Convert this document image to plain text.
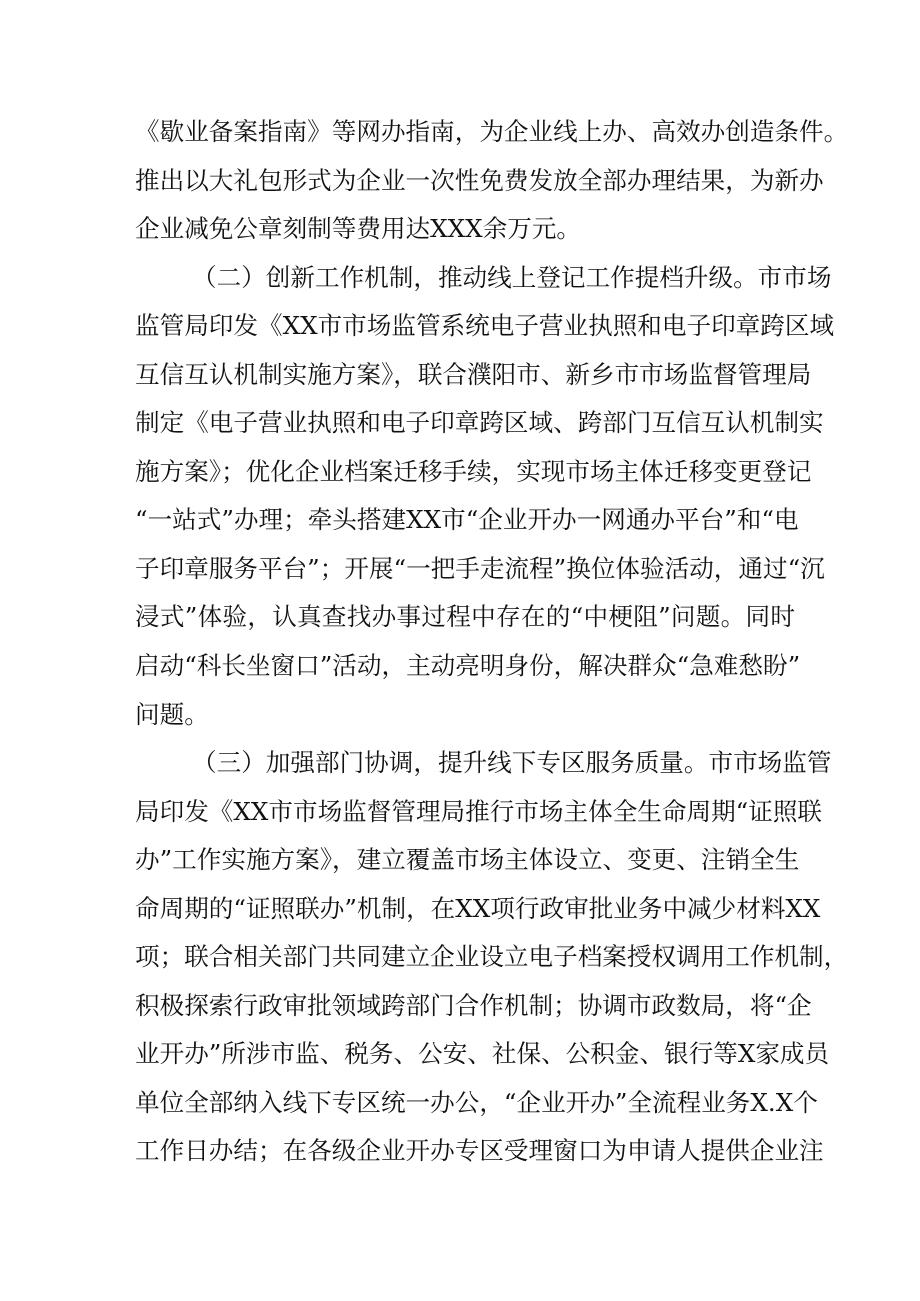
《歇业备案指南》等网办指南，为企业线上办、高效办创造条件。
推出以大礼包形式为企业一次性免费发放全部办理结果，为新办
企业减免公章刻制等费用达XXX余万元。
（二）创新工作机制，推动线上登记工作提档升级。市市场
监管局印发《XX市市场监管系统电子营业执照和电子印章跨区域
互信互认机制实施方案》，联合濮阳市、新乡市市场监督管理局
制定《电子营业执照和电子印章跨区域、跨部门互信互认机制实
施方案》；优化企业档案迁移手续，实现市场主体迁移变更登记
“一站式”办理；牵头搭建XX市“企业开办一网通办平台”和“电
子印章服务平台”；开展“一把手走流程”换位体验活动，通过“沉
浸式”体验，认真查找办事过程中存在的“中梗阻”问题。同时
启动“科长坐窗口”活动，主动亮明身份，解决群众“急难愁盼”
问题。
（三）加强部门协调，提升线下专区服务质量。市市场监管
局印发《XX市市场监督管理局推行市场主体全生命周期“证照联
办”工作实施方案》，建立覆盖市场主体设立、变更、注销全生
命周期的“证照联办”机制，在XX项行政审批业务中减少材料XX
项；联合相关部门共同建立企业设立电子档案授权调用工作机制，
积极探索行政审批领域跨部门合作机制；协调市政数局，将“企
业开办”所涉市监、税务、公安、社保、公积金、银行等X家成员
单位全部纳入线下专区统一办公，“企业开办”全流程业务X.X个
工作日办结；在各级企业开办专区受理窗口为申请人提供企业注
